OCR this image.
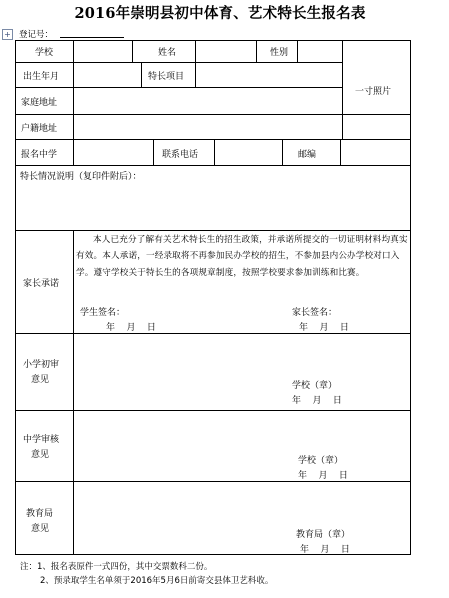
2016年崇明县初中体育、艺术特长生报名表
+ 登记号：
学校	姓名	性别
出生年月	特长项目
一寸照片
家庭地址
户籍地址
报名中学	联系电话	邮编
特长情况说明（复印件附后）：
家长承诺
本人已充分了解有关艺术特长生的招生政策，并承诺所提交的一切证明材料均真实有效。本人承诺，一经录取将不再参加民办学校的招生，不参加县内公办学校对口入学。遵守学校关于特长生的各项规章制度，按照学校要求参加训练和比赛。
学生签名：	家长签名：
年    月    日	年    月    日
小学初审
意见
学校（章）
年    月    日
中学审核
意见
学校（章）
年    月    日
教育局
意见
教育局（章）
年    月    日
注：1、报名表原件一式四份，其中交票数科二份。
2、预录取学生名单须于2016年5月6日前寄交县体卫艺科收。
